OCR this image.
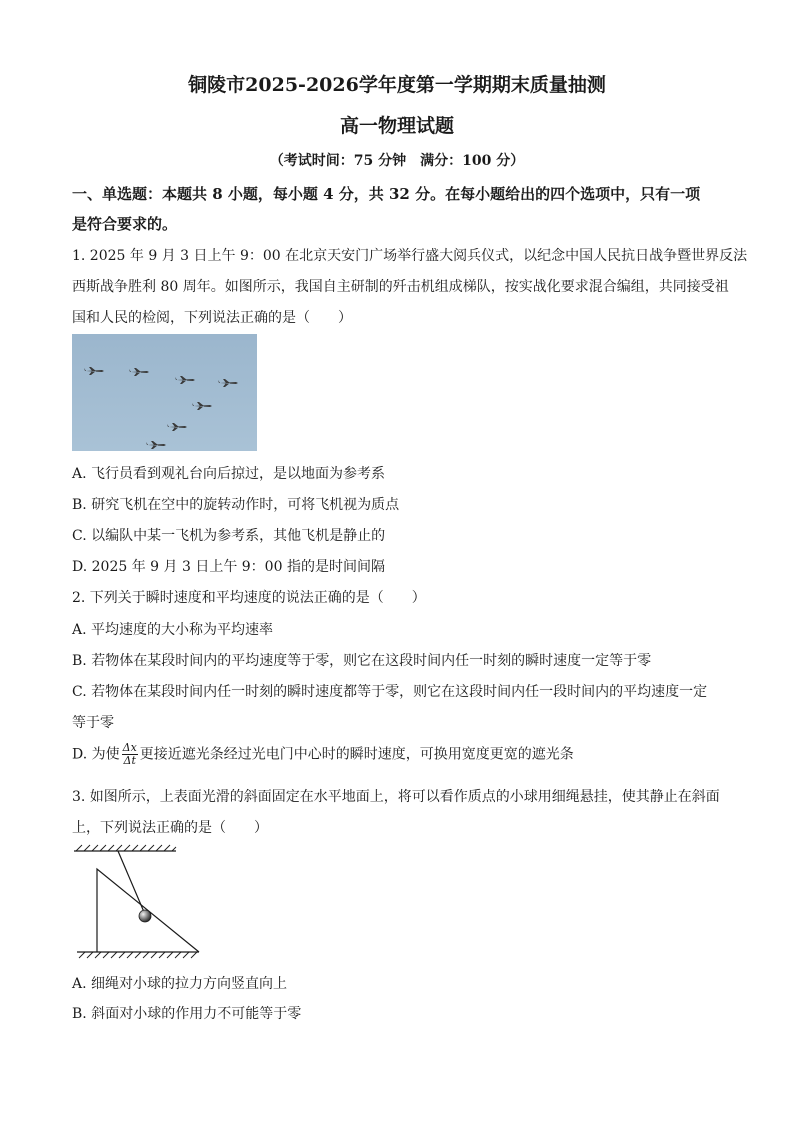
铜陵市2025-2026学年度第一学期期末质量抽测
高一物理试题
（考试时间：75 分钟　满分：100 分）
一、单选题：本题共 8 小题，每小题 4 分，共 32 分。在每小题给出的四个选项中，只有一项
是符合要求的。
1. 2025 年 9 月 3 日上午 9：00 在北京天安门广场举行盛大阅兵仪式，以纪念中国人民抗日战争暨世界反法
西斯战争胜利 80 周年。如图所示，我国自主研制的歼击机组成梯队，按实战化要求混合编组，共同接受祖
国和人民的检阅，下列说法正确的是（　　）
A. 飞行员看到观礼台向后掠过，是以地面为参考系
B. 研究飞机在空中的旋转动作时，可将飞机视为质点
C. 以编队中某一飞机为参考系，其他飞机是静止的
D. 2025 年 9 月 3 日上午 9：00 指的是时间间隔
2. 下列关于瞬时速度和平均速度的说法正确的是（　　）
A. 平均速度的大小称为平均速率
B. 若物体在某段时间内的平均速度等于零，则它在这段时间内任一时刻的瞬时速度一定等于零
C. 若物体在某段时间内任一时刻的瞬时速度都等于零，则它在这段时间内任一段时间内的平均速度一定
等于零
D. 为使 $\frac{\Delta x}{\Delta t}$ 更接近遮光条经过光电门中心时的瞬时速度，可换用宽度更宽的遮光条
3. 如图所示，上表面光滑的斜面固定在水平地面上，将可以看作质点的小球用细绳悬挂，使其静止在斜面
上，下列说法正确的是（　　）
A. 细绳对小球的拉力方向竖直向上
B. 斜面对小球的作用力不可能等于零
